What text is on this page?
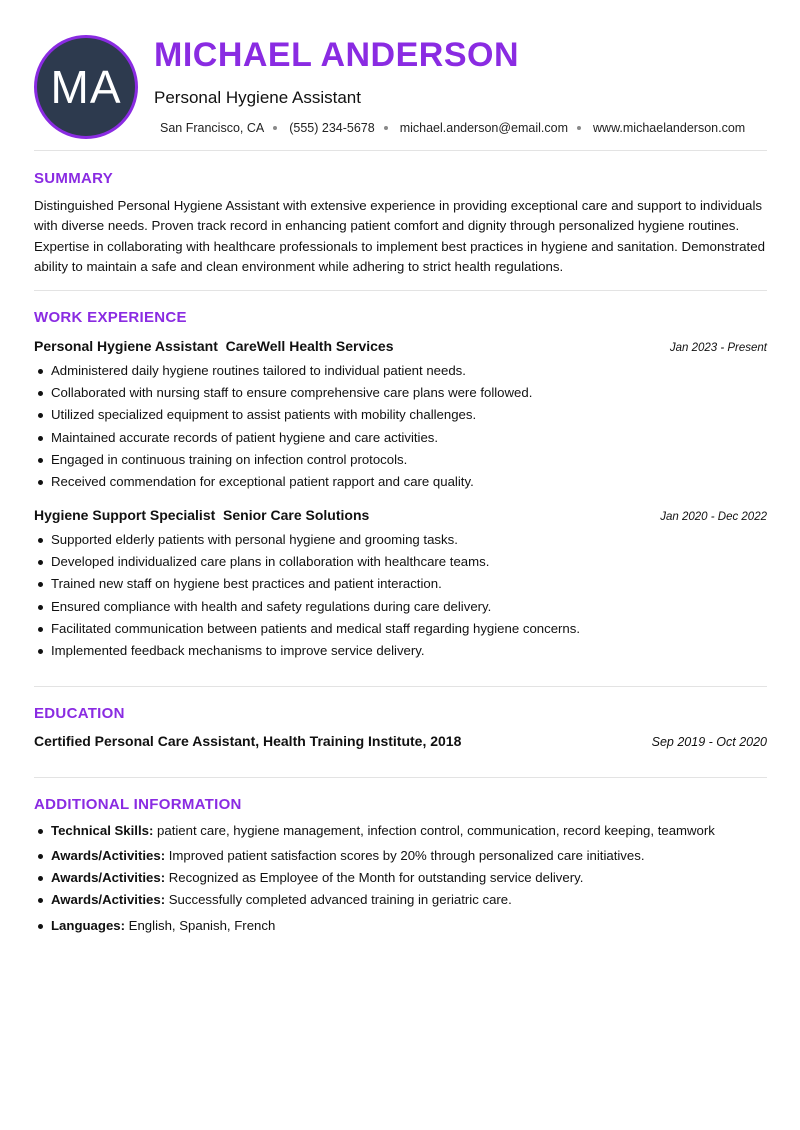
MA
MICHAEL ANDERSON
Personal Hygiene Assistant
San Francisco, CA (555) 234-5678 michael.anderson@email.com www.michaelanderson.com
SUMMARY
Distinguished Personal Hygiene Assistant with extensive experience in providing exceptional care and support to individuals with diverse needs. Proven track record in enhancing patient comfort and dignity through personalized hygiene routines. Expertise in collaborating with healthcare professionals to implement best practices in hygiene and sanitation. Demonstrated ability to maintain a safe and clean environment while adhering to strict health regulations.
WORK EXPERIENCE
Personal Hygiene Assistant  CareWell Health Services	Jan 2023 - Present
Administered daily hygiene routines tailored to individual patient needs.
Collaborated with nursing staff to ensure comprehensive care plans were followed.
Utilized specialized equipment to assist patients with mobility challenges.
Maintained accurate records of patient hygiene and care activities.
Engaged in continuous training on infection control protocols.
Received commendation for exceptional patient rapport and care quality.
Hygiene Support Specialist  Senior Care Solutions	Jan 2020 - Dec 2022
Supported elderly patients with personal hygiene and grooming tasks.
Developed individualized care plans in collaboration with healthcare teams.
Trained new staff on hygiene best practices and patient interaction.
Ensured compliance with health and safety regulations during care delivery.
Facilitated communication between patients and medical staff regarding hygiene concerns.
Implemented feedback mechanisms to improve service delivery.
EDUCATION
Certified Personal Care Assistant, Health Training Institute, 2018	Sep 2019 - Oct 2020
ADDITIONAL INFORMATION
Technical Skills: patient care, hygiene management, infection control, communication, record keeping, teamwork
Awards/Activities: Improved patient satisfaction scores by 20% through personalized care initiatives.
Awards/Activities: Recognized as Employee of the Month for outstanding service delivery.
Awards/Activities: Successfully completed advanced training in geriatric care.
Languages: English, Spanish, French
